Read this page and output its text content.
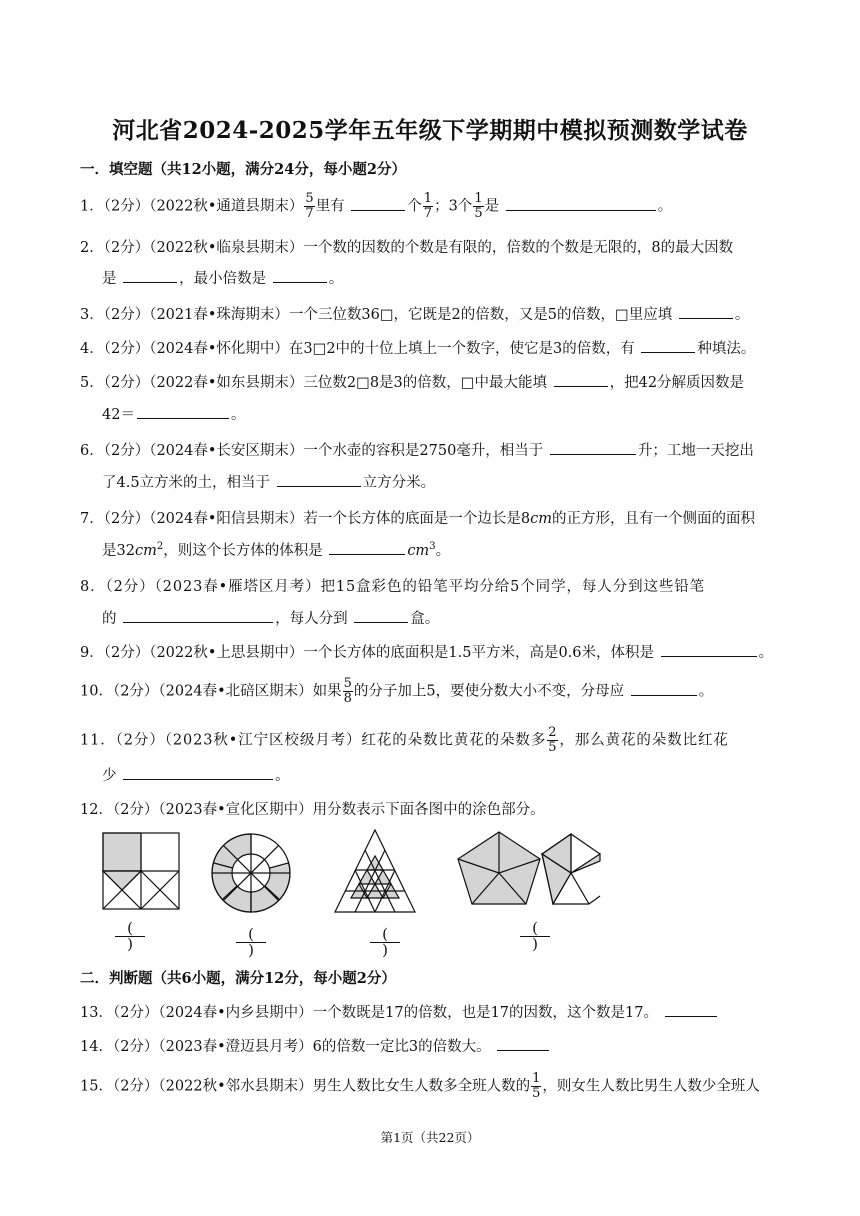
河北省2024-2025学年五年级下学期期中模拟预测数学试卷
一．填空题（共12小题，满分24分，每小题2分）
1．（2分）（2022秋•通道县期末） $\frac{5}{7}$ 里有	个 $\frac{1}{7}$ ；3个 $\frac{1}{5}$ 是	。
2．（2分）（2022秋•临泉县期末）一个数的因数的个数是有限的，倍数的个数是无限的，8的最大因数
是	，最小倍数是	。
3．（2分）（2021春•珠海期末）一个三位数36□，它既是2的倍数，又是5的倍数，□里应填	。
4．（2分）（2024春•怀化期中）在3□2中的十位上填上一个数字，使它是3的倍数，有	种填法。
5．（2分）（2022春•如东县期末）三位数2□8是3的倍数，□中最大能填	，把42分解质因数是
42＝	。
6．（2分）（2024春•长安区期末）一个水壶的容积是2750毫升，相当于	升；工地一天挖出
了4.5立方米的土，相当于	立方分米。
7．（2分）（2024春•阳信县期末）若一个长方体的底面是一个边长是8cm的正方形，且有一个侧面的面积
是$32cm^2$，则这个长方体的体积是	$cm^3$。
8．（2分）（2023春•雁塔区月考）把15盒彩色的铅笔平均分给5个同学，每人分到这些铅笔
的	，每人分到	盒。
9．（2分）（2022秋•上思县期中）一个长方体的底面积是1.5平方米，高是0.6米，体积是	。
10．（2分）（2024春•北碚区期末）如果 $\frac{5}{8}$ 的分子加上5，要使分数大小不变，分母应	。
11．（2分）（2023秋•江宁区校级月考）红花的朵数比黄花的朵数多 $\frac{2}{5}$ ，那么黄花的朵数比红花
少	。
12．（2分）（2023春•宣化区期中）用分数表示下面各图中的涂色部分。
(
)
(
)
(
)
(
)
二．判断题（共6小题，满分12分，每小题2分）
13．（2分）（2024春•内乡县期中）一个数既是17的倍数，也是17的因数，这个数是17。
14．（2分）（2023春•澄迈县月考）6的倍数一定比3的倍数大。
15．（2分）（2022秋•邻水县期末）男生人数比女生人数多全班人数的 $\frac{1}{5}$ ，则女生人数比男生人数少全班人
第1页（共22页）
